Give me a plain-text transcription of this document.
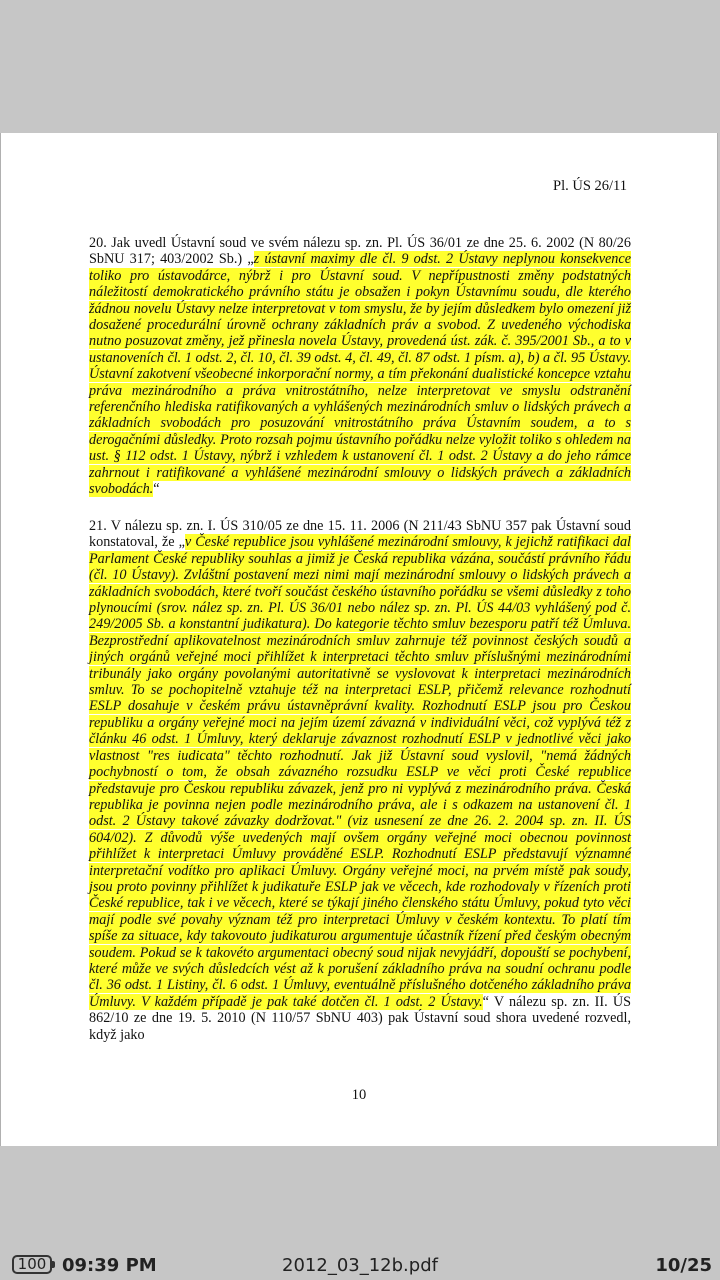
Pl. ÚS 26/11
20. Jak uvedl Ústavní soud ve svém nálezu sp. zn. Pl. ÚS 36/01 ze dne 25. 6. 2002 (N 80/26 SbNU 317; 403/2002 Sb.) „z ústavní maximy dle čl. 9 odst. 2 Ústavy neplynou konsekvence toliko pro ústavodárce, nýbrž i pro Ústavní soud. V nepřípustnosti změny podstatných náležitostí demokratického právního státu je obsažen i pokyn Ústavnímu soudu, dle kterého žádnou novelu Ústavy nelze interpretovat v tom smyslu, že by jejím důsledkem bylo omezení již dosažené procedurální úrovně ochrany základních práv a svobod. Z uvedeného východiska nutno posuzovat změny, jež přinesla novela Ústavy, provedená úst. zák. č. 395/2001 Sb., a to v ustanoveních čl. 1 odst. 2, čl. 10, čl. 39 odst. 4, čl. 49, čl. 87 odst. 1 písm. a), b) a čl. 95 Ústavy. Ústavní zakotvení všeobecné inkorporační normy, a tím překonání dualistické koncepce vztahu práva mezinárodního a práva vnitrostátního, nelze interpretovat ve smyslu odstranění referenčního hlediska ratifikovaných a vyhlášených mezinárodních smluv o lidských právech a základních svobodách pro posuzování vnitrostátního práva Ústavním soudem, a to s derogačními důsledky. Proto rozsah pojmu ústavního pořádku nelze vyložit toliko s ohledem na ust. § 112 odst. 1 Ústavy, nýbrž i vzhledem k ustanovení čl. 1 odst. 2 Ústavy a do jeho rámce zahrnout i ratifikované a vyhlášené mezinárodní smlouvy o lidských právech a základních svobodách.“
21. V nálezu sp. zn. I. ÚS 310/05 ze dne 15. 11. 2006 (N 211/43 SbNU 357 pak Ústavní soud konstatoval, že „v České republice jsou vyhlášené mezinárodní smlouvy, k jejichž ratifikaci dal Parlament České republiky souhlas a jimiž je Česká republika vázána, součástí právního řádu (čl. 10 Ústavy). Zvláštní postavení mezi nimi mají mezinárodní smlouvy o lidských právech a základních svobodách, které tvoří součást českého ústavního pořádku se všemi důsledky z toho plynoucími (srov. nález sp. zn. Pl. ÚS 36/01 nebo nález sp. zn. Pl. ÚS 44/03 vyhlášený pod č. 249/2005 Sb. a konstantní judikatura). Do kategorie těchto smluv bezesporu patří též Úmluva. Bezprostřední aplikovatelnost mezinárodních smluv zahrnuje též povinnost českých soudů a jiných orgánů veřejné moci přihlížet k interpretaci těchto smluv příslušnými mezinárodními tribunály jako orgány povolanými autoritativně se vyslovovat k interpretaci mezinárodních smluv. To se pochopitelně vztahuje též na interpretaci ESLP, přičemž relevance rozhodnutí ESLP dosahuje v českém právu ústavněprávní kvality. Rozhodnutí ESLP jsou pro Českou republiku a orgány veřejné moci na jejím území závazná v individuální věci, což vyplývá též z článku 46 odst. 1 Úmluvy, který deklaruje závaznost rozhodnutí ESLP v jednotlivé věci jako vlastnost "res iudicata" těchto rozhodnutí. Jak již Ústavní soud vyslovil, "nemá žádných pochybností o tom, že obsah závazného rozsudku ESLP ve věci proti České republice představuje pro Českou republiku závazek, jenž pro ni vyplývá z mezinárodního práva. Česká republika je povinna nejen podle mezinárodního práva, ale i s odkazem na ustanovení čl. 1 odst. 2 Ústavy takové závazky dodržovat." (viz usnesení ze dne 26. 2. 2004 sp. zn. II. ÚS 604/02). Z důvodů výše uvedených mají ovšem orgány veřejné moci obecnou povinnost přihlížet k interpretaci Úmluvy prováděné ESLP. Rozhodnutí ESLP představují významné interpretační vodítko pro aplikaci Úmluvy. Orgány veřejné moci, na prvém místě pak soudy, jsou proto povinny přihlížet k judikatuře ESLP jak ve věcech, kde rozhodovaly v řízeních proti České republice, tak i ve věcech, které se týkají jiného členského státu Úmluvy, pokud tyto věci mají podle své povahy význam též pro interpretaci Úmluvy v českém kontextu. To platí tím spíše za situace, kdy takovouto judikaturou argumentuje účastník řízení před českým obecným soudem. Pokud se k takovéto argumentaci obecný soud nijak nevyjádří, dopouští se pochybení, které může ve svých důsledcích vést až k porušení základního práva na soudní ochranu podle čl. 36 odst. 1 Listiny, čl. 6 odst. 1 Úmluvy, eventuálně příslušného dotčeného základního práva Úmluvy. V každém případě je pak také dotčen čl. 1 odst. 2 Ústavy.“ V nálezu sp. zn. II. ÚS 862/10 ze dne 19. 5. 2010 (N 110/57 SbNU 403) pak Ústavní soud shora uvedené rozvedl, když jako
10
100 09:39 PM	2012_03_12b.pdf	10/25
